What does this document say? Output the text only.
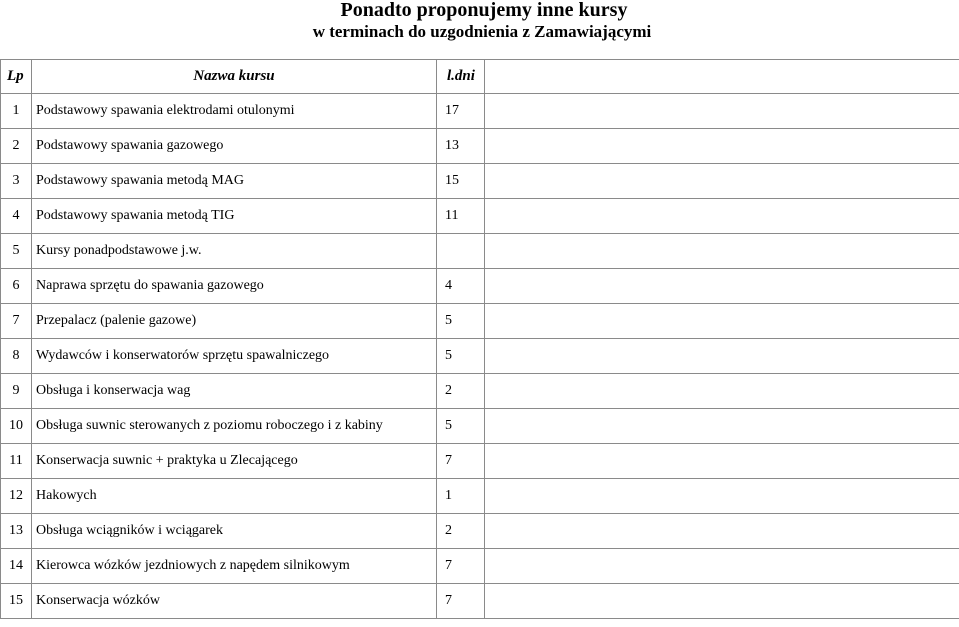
Ponadto proponujemy inne kursy
w terminach do uzgodnienia z Zamawiającymi
Lp	Nazwa kursu	l.dni	
1	Podstawowy spawania elektrodami otulonymi	17	
2	Podstawowy spawania gazowego	13	
3	Podstawowy spawania metodą MAG	15	
4	Podstawowy spawania metodą TIG	11	
5	Kursy ponadpodstawowe j.w.		
6	Naprawa sprzętu do spawania gazowego	4	
7	Przepalacz (palenie gazowe)	5	
8	Wydawców i konserwatorów sprzętu spawalniczego	5	
9	Obsługa i konserwacja wag	2	
10	Obsługa suwnic sterowanych z poziomu roboczego i z kabiny	5	
11	Konserwacja suwnic + praktyka u Zlecającego	7	
12	Hakowych	1	
13	Obsługa wciągników i wciągarek	2	
14	Kierowca wózków jezdniowych z napędem silnikowym	7	
15	Konserwacja wózków	7	
